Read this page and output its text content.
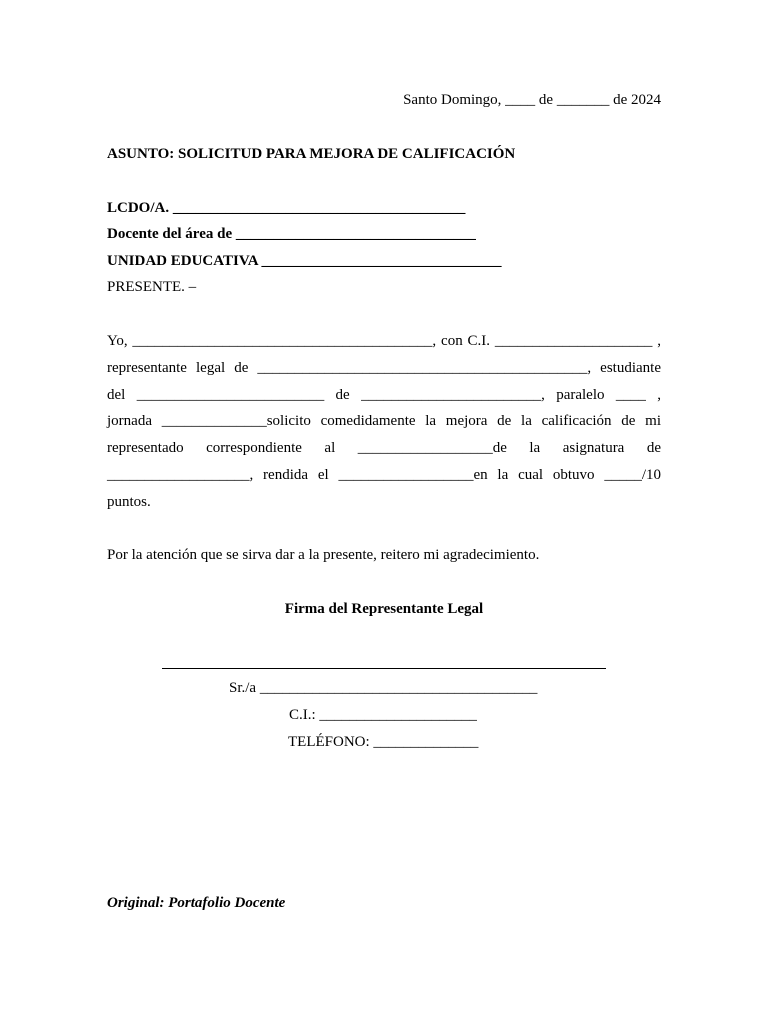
Santo Domingo, ____ de _______ de 2024
ASUNTO: SOLICITUD PARA MEJORA DE CALIFICACIÓN
LCDO/A. _______________________________________
Docente del área de ________________________________
UNIDAD EDUCATIVA ________________________________
PRESENTE. –
Yo, ________________________________________, con C.I. _____________________ ,
representante legal de ____________________________________________, estudiante
del _________________________ de ________________________, paralelo ____ ,
jornada ______________solicito comedidamente la mejora de la calificación de mi
representado correspondiente al __________________de la asignatura de
___________________, rendida el __________________en la cual obtuvo _____/10
puntos.
Por la atención que se sirva dar a la presente, reitero mi agradecimiento.
Firma del Representante Legal
Sr./a _____________________________________
C.I.: _____________________
TELÉFONO: ______________
Original: Portafolio Docente
